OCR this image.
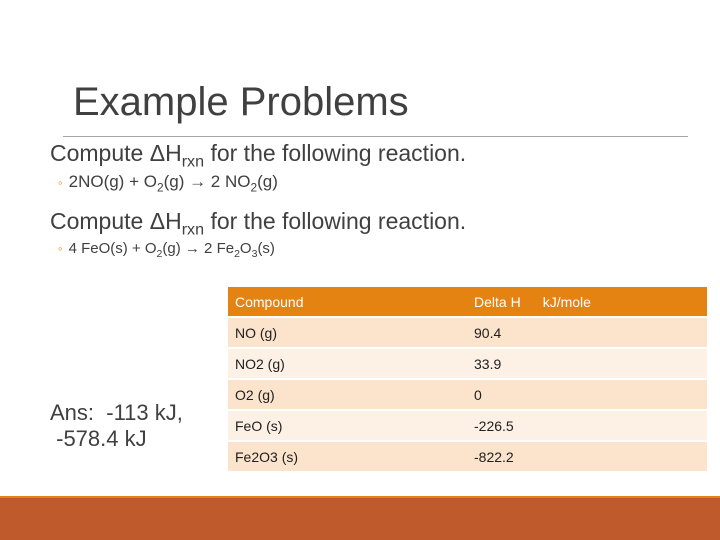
Example Problems
Compute $\Delta H_{rxn}$ for the following reaction.
◦ $2NO(g) + O_2(g) \to 2$ $NO_2(g)$
Compute $\Delta H_{rxn}$ for the following reaction.
◦ 4 $FeO(s) + O_2(g) \to 2$ $Fe_2O_3(s)$
Ans:  -113 kJ,
-578.4 kJ
Compound	Delta H kJ/mole
NO (g)	90.4
NO2 (g)	33.9
O2 (g)	0
FeO (s)	-226.5
Fe2O3 (s)	-822.2
